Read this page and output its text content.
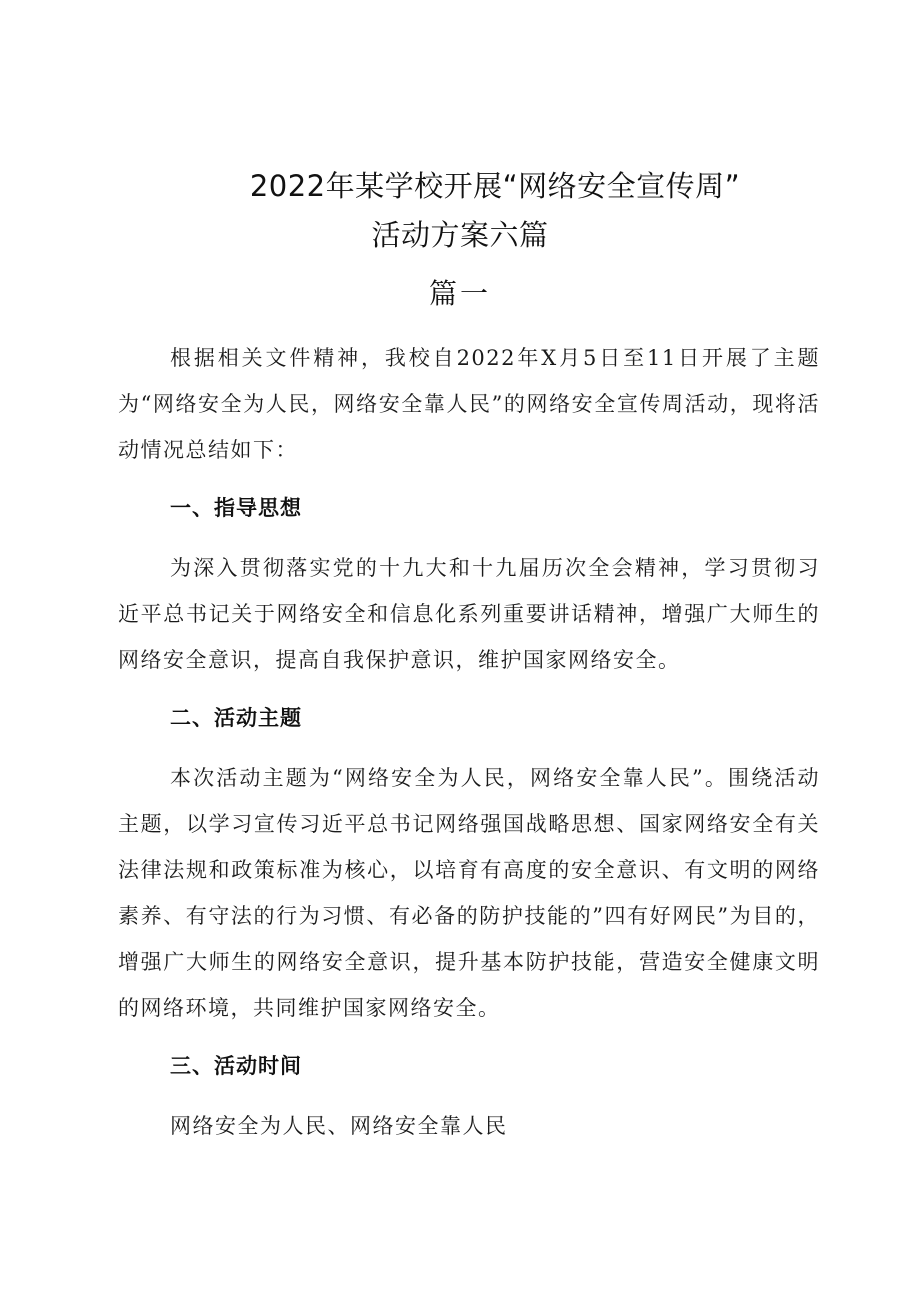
2022年某学校开展“网络安全宣传周”
活动方案六篇
篇一
根据相关文件精神，我校自2022年X月5日至11日开展了主题为“网络安全为人民，网络安全靠人民”的网络安全宣传周活动，现将活动情况总结如下：
一、指导思想
为深入贯彻落实党的十九大和十九届历次全会精神，学习贯彻习近平总书记关于网络安全和信息化系列重要讲话精神，增强广大师生的网络安全意识，提高自我保护意识，维护国家网络安全。
二、活动主题
本次活动主题为“网络安全为人民，网络安全靠人民”。围绕活动主题，以学习宣传习近平总书记网络强国战略思想、国家网络安全有关法律法规和政策标准为核心，以培育有高度的安全意识、有文明的网络素养、有守法的行为习惯、有必备的防护技能的”四有好网民”为目的，增强广大师生的网络安全意识，提升基本防护技能，营造安全健康文明的网络环境，共同维护国家网络安全。
三、活动时间
网络安全为人民、网络安全靠人民
